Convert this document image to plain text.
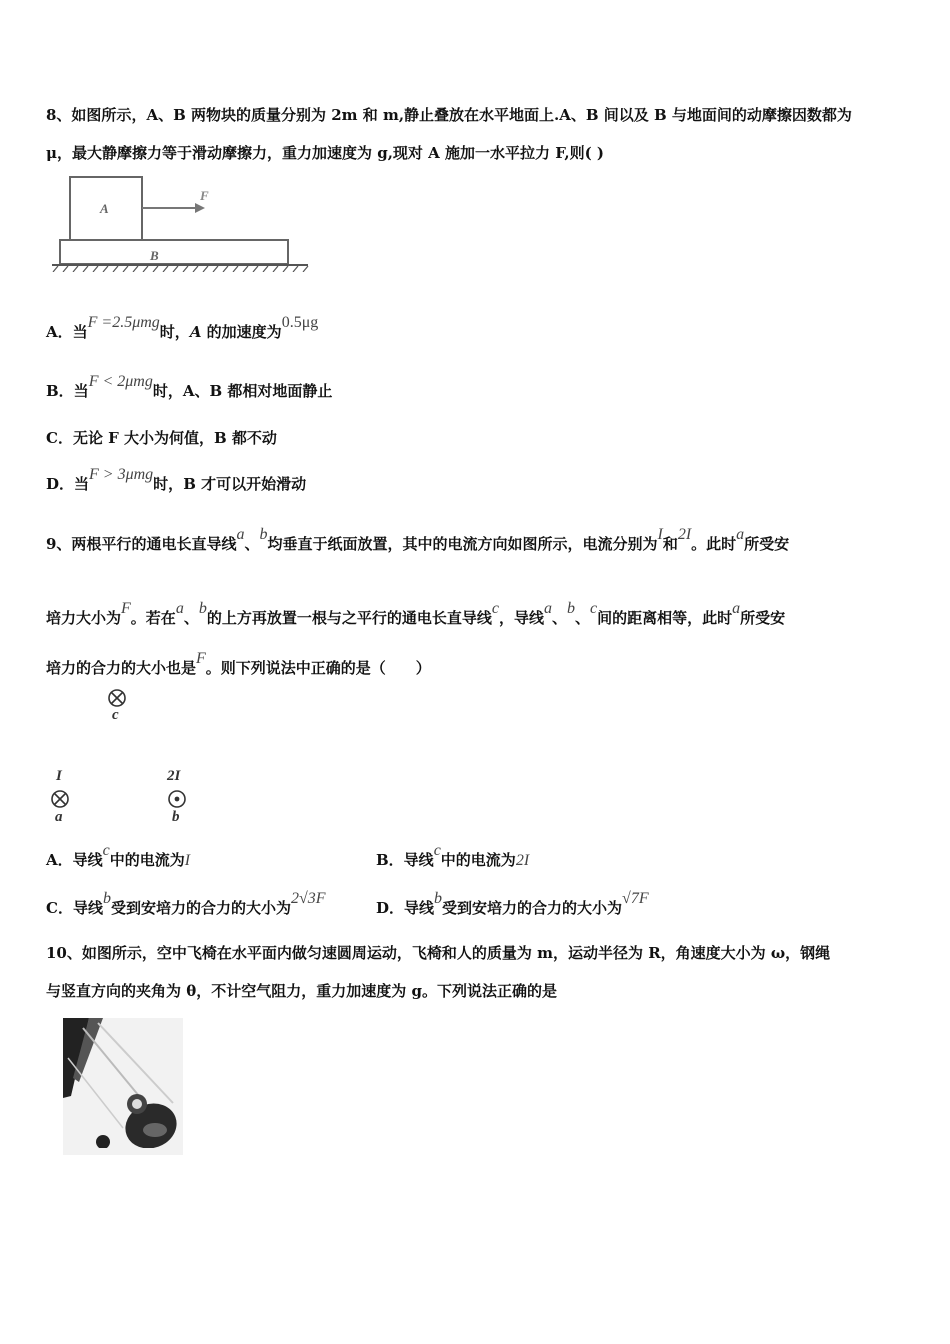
8、如图所示，A、B 两物块的质量分别为 2m 和 m,静止叠放在水平地面上.A、B 间以及 B 与地面间的动摩擦因数都为
μ，最大静摩擦力等于滑动摩擦力，重力加速度为 g,现对 A 施加一水平拉力 F,则( )
A
B
F
A．当F =2.5μmg时，A 的加速度为0.5μg
B．当F < 2μmg时，A、B 都相对地面静止
C．无论 F 大小为何值，B 都不动
D．当F > 3μmg时，B 才可以开始滑动
9、两根平行的通电长直导线a、b均垂直于纸面放置，其中的电流方向如图所示，电流分别为I和2I。此时a所受安
培力大小为F。若在a、b的上方再放置一根与之平行的通电长直导线c，导线a、b、c间的距离相等，此时a所受安
培力的合力的大小也是F。则下列说法中正确的是（　　）
c
I
a
2I
b
A．导线c中的电流为I	B．导线c中的电流为2I
C．导线b受到安培力的合力的大小为2√3F
D．导线b受到安培力的合力的大小为√7F
10、如图所示，空中飞椅在水平面内做匀速圆周运动，飞椅和人的质量为 m，运动半径为 R，角速度大小为 ω，钢绳
与竖直方向的夹角为 θ，不计空气阻力，重力加速度为 g。下列说法正确的是
